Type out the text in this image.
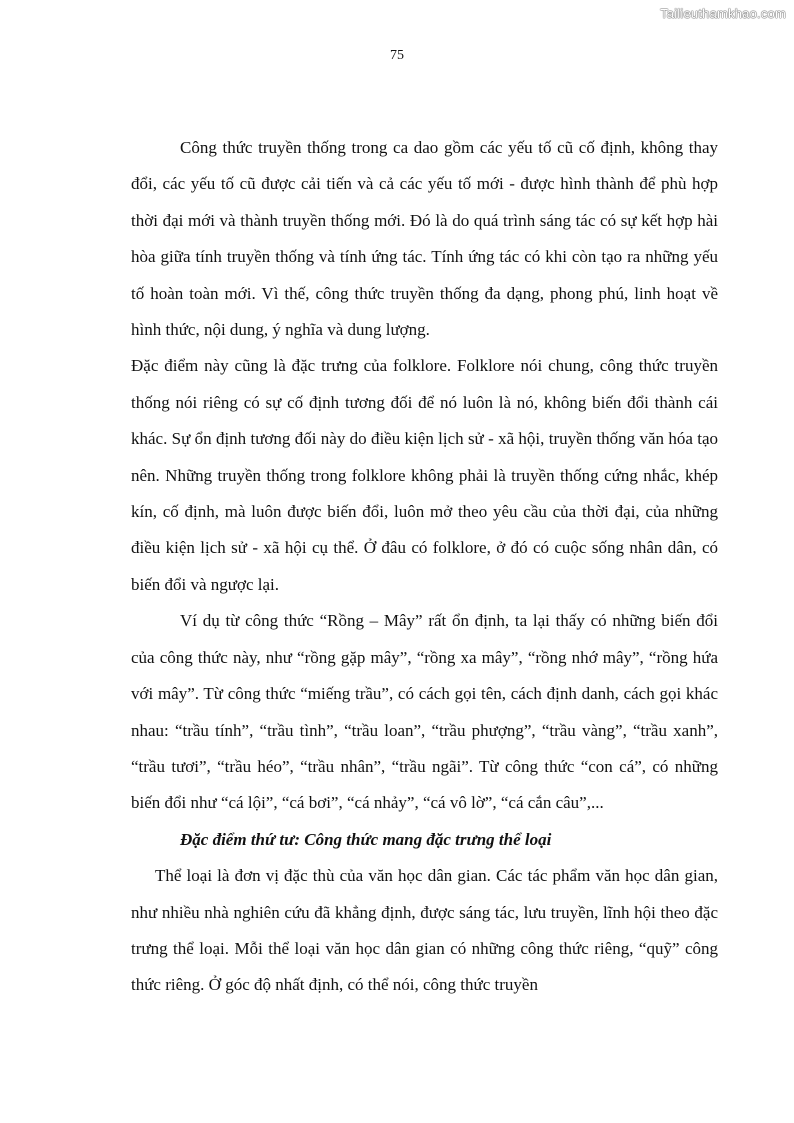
Tailieuthamkhao.com
75

Công thức truyền thống trong ca dao gồm các yếu tố cũ cố định, không thay đổi, các yếu tố cũ được cải tiến và cả các yếu tố mới - được hình thành để phù hợp thời đại mới và thành truyền thống mới. Đó là do quá trình sáng tác có sự kết hợp hài hòa giữa tính truyền thống và tính ứng tác. Tính ứng tác có khi còn tạo ra những yếu tố hoàn toàn mới. Vì thế, công thức truyền thống đa dạng, phong phú, linh hoạt về hình thức, nội dung, ý nghĩa và dung lượng.

Đặc điểm này cũng là đặc trưng của folklore. Folklore nói chung, công thức truyền thống nói riêng có sự cố định tương đối để nó luôn là nó, không biến đổi thành cái khác. Sự ổn định tương đối này do điều kiện lịch sử - xã hội, truyền thống văn hóa tạo nên. Những truyền thống trong folklore không phải là truyền thống cứng nhắc, khép kín, cố định, mà luôn được biến đổi, luôn mở theo yêu cầu của thời đại, của những điều kiện lịch sử - xã hội cụ thể. Ở đâu có folklore, ở đó có cuộc sống nhân dân, có biến đổi và ngược lại.

Ví dụ từ công thức “Rồng – Mây” rất ổn định, ta lại thấy có những biến đổi của công thức này, như “rồng gặp mây”, “rồng xa mây”, “rồng nhớ mây”, “rồng hứa với mây”. Từ công thức “miếng trầu”, có cách gọi tên, cách định danh, cách gọi khác nhau: “trầu tính”, “trầu tình”, “trầu loan”, “trầu phượng”, “trầu vàng”, “trầu xanh”, “trầu tươi”, “trầu héo”, “trầu nhân”, “trầu ngãi”. Từ công thức “con cá”, có những biến đổi như “cá lội”, “cá bơi”, “cá nhảy”, “cá vô lờ”, “cá cắn câu”,...

Đặc điểm thứ tư: Công thức mang đặc trưng thể loại

Thể loại là đơn vị đặc thù của văn học dân gian. Các tác phẩm văn học dân gian, như nhiều nhà nghiên cứu đã khẳng định, được sáng tác, lưu truyền, lĩnh hội theo đặc trưng thể loại. Mỗi thể loại văn học dân gian có những công thức riêng, “quỹ” công thức riêng. Ở góc độ nhất định, có thể nói, công thức truyền
